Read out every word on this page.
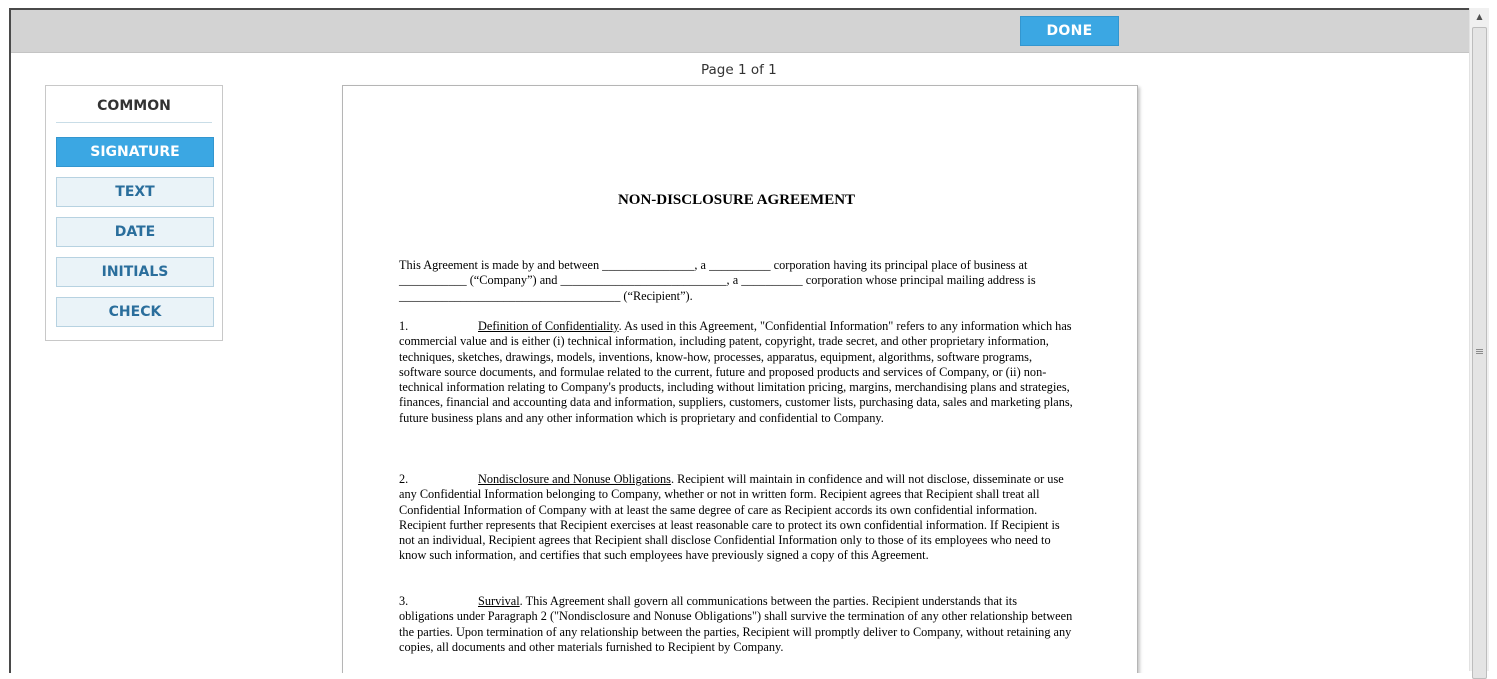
DONE
Page 1 of 1
COMMON
SIGNATURE
TEXT
DATE
INITIALS
CHECK
NON-DISCLOSURE AGREEMENT

This Agreement is made by and between _______________, a __________ corporation having its principal place of business at ___________ (“Company”) and ___________________________, a __________ corporation whose principal mailing address is ____________________________________ (“Recipient”).

1.	Definition of Confidentiality. As used in this Agreement, "Confidential Information" refers to any information which has commercial value and is either (i) technical information, including patent, copyright, trade secret, and other proprietary information, techniques, sketches, drawings, models, inventions, know-how, processes, apparatus, equipment, algorithms, software programs, software source documents, and formulae related to the current, future and proposed products and services of Company, or (ii) non-technical information relating to Company's products, including without limitation pricing, margins, merchandising plans and strategies, finances, financial and accounting data and information, suppliers, customers, customer lists, purchasing data, sales and marketing plans, future business plans and any other information which is proprietary and confidential to Company.

2.	Nondisclosure and Nonuse Obligations. Recipient will maintain in confidence and will not disclose, disseminate or use any Confidential Information belonging to Company, whether or not in written form. Recipient agrees that Recipient shall treat all Confidential Information of Company with at least the same degree of care as Recipient accords its own confidential information. Recipient further represents that Recipient exercises at least reasonable care to protect its own confidential information. If Recipient is not an individual, Recipient agrees that Recipient shall disclose Confidential Information only to those of its employees who need to know such information, and certifies that such employees have previously signed a copy of this Agreement.

3.	Survival. This Agreement shall govern all communications between the parties. Recipient understands that its obligations under Paragraph 2 ("Nondisclosure and Nonuse Obligations") shall survive the termination of any other relationship between the parties. Upon termination of any relationship between the parties, Recipient will promptly deliver to Company, without retaining any copies, all documents and other materials furnished to Recipient by Company.

▲
